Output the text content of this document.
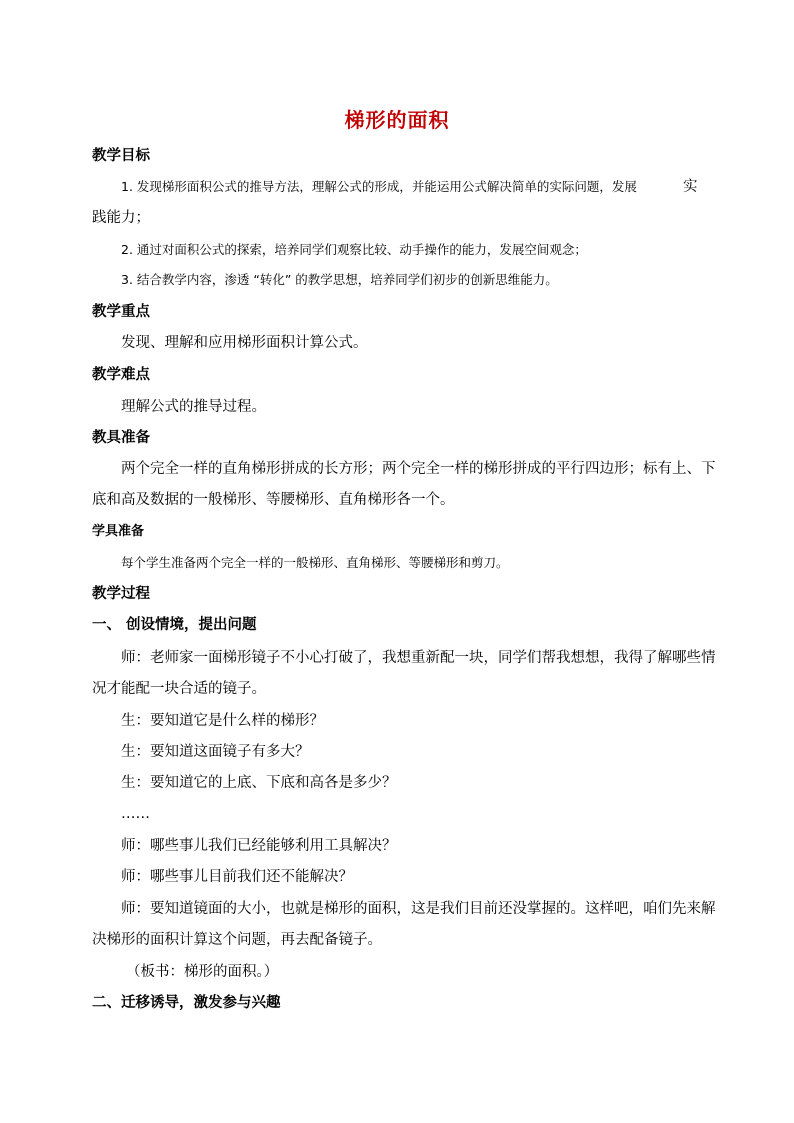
梯形的面积
教学目标
1. 发现梯形面积公式的推导方法，理解公式的形成，并能运用公式解决简单的实际问题，发展	实
践能力；
2. 通过对面积公式的探索，培养同学们观察比较、动手操作的能力，发展空间观念；
3. 结合教学内容，渗透 “转化” 的教学思想，培养同学们初步的创新思维能力。
教学重点
发现、理解和应用梯形面积计算公式。
教学难点
理解公式的推导过程。
教具准备
两个完全一样的直角梯形拼成的长方形；两个完全一样的梯形拼成的平行四边形；标有上、下
底和高及数据的一般梯形、等腰梯形、直角梯形各一个。
学具准备
每个学生准备两个完全一样的一般梯形、直角梯形、等腰梯形和剪刀。
教学过程
一、 创设情境，提出问题
师：老师家一面梯形镜子不小心打破了，我想重新配一块，同学们帮我想想，我得了解哪些情
况才能配一块合适的镜子。
生：要知道它是什么样的梯形？
生：要知道这面镜子有多大？
生：要知道它的上底、下底和高各是多少？
……
师：哪些事儿我们已经能够利用工具解决？
师：哪些事儿目前我们还不能解决？
师：要知道镜面的大小，也就是梯形的面积，这是我们目前还没掌握的。这样吧，咱们先来解
决梯形的面积计算这个问题，再去配备镜子。
（板书：梯形的面积。）
二、迁移诱导，激发参与兴趣
